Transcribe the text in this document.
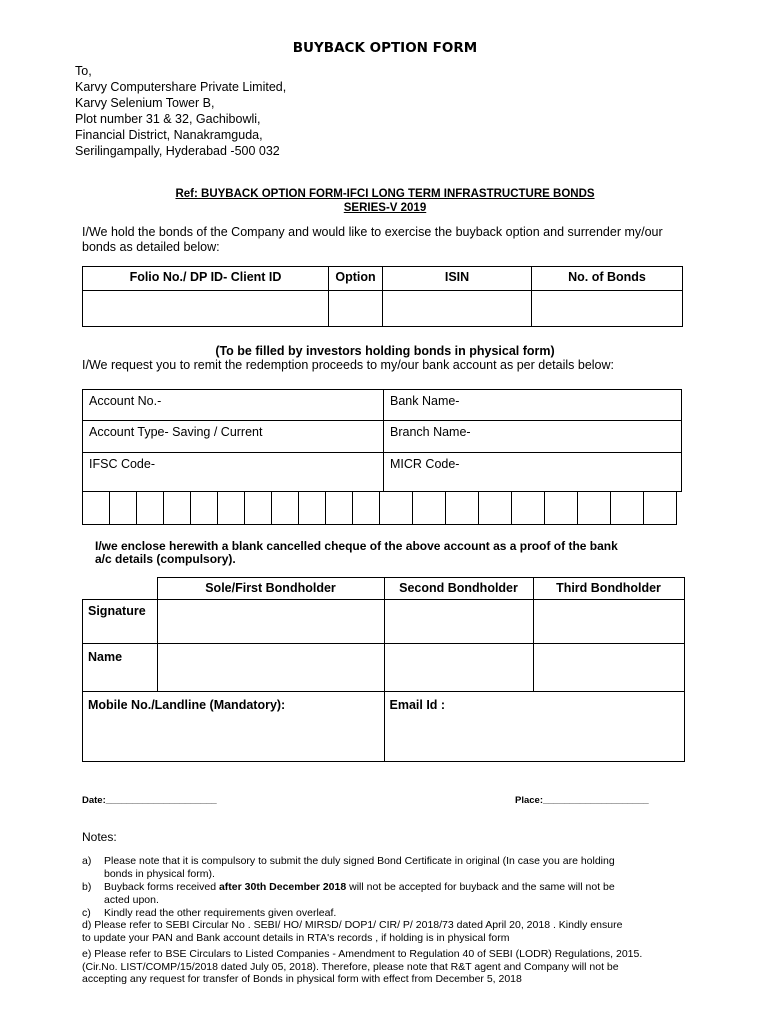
BUYBACK OPTION FORM
To,
Karvy Computershare Private Limited,
Karvy Selenium Tower B,
Plot number 31 & 32, Gachibowli,
Financial District, Nanakramguda,
Serilingampally, Hyderabad -500 032
Ref: BUYBACK OPTION FORM-IFCI LONG TERM INFRASTRUCTURE BONDS
SERIES-V 2019
I/We hold the bonds of the Company and would like to exercise the buyback option and surrender my/our
bonds as detailed below:
Folio No./ DP ID- Client ID	Option	ISIN	No. of Bonds

(To be filled by investors holding bonds in physical form)
I/We request you to remit the redemption proceeds to my/our bank account as per details below:
Account No.-	Bank Name-
Account Type- Saving / Current	Branch Name-
IFSC Code-	MICR Code-

I/we enclose herewith a blank cancelled cheque of the above account as a proof of the bank
a/c details (compulsory).
	Sole/First Bondholder	Second Bondholder	Third Bondholder
Signature			
Name			
Mobile No./Landline (Mandatory):		Email Id :	
Date:_____________________	Place:____________________
Notes:
a) Please note that it is compulsory to submit the duly signed Bond Certificate in original (In case you are holding
bonds in physical form).
b) Buyback forms received after 30th December 2018 will not be accepted for buyback and the same will not be
acted upon.
c) Kindly read the other requirements given overleaf.
d) Please refer to SEBI Circular No . SEBI/ HO/ MIRSD/ DOP1/ CIR/ P/ 2018/73 dated April 20, 2018 . Kindly ensure
to update your PAN and Bank account details in RTA's records , if holding is in physical form
e) Please refer to BSE Circulars to Listed Companies - Amendment to Regulation 40 of SEBI (LODR) Regulations, 2015.
(Cir.No. LIST/COMP/15/2018 dated July 05, 2018). Therefore, please note that R&T agent and Company will not be
accepting any request for transfer of Bonds in physical form with effect from December 5, 2018
